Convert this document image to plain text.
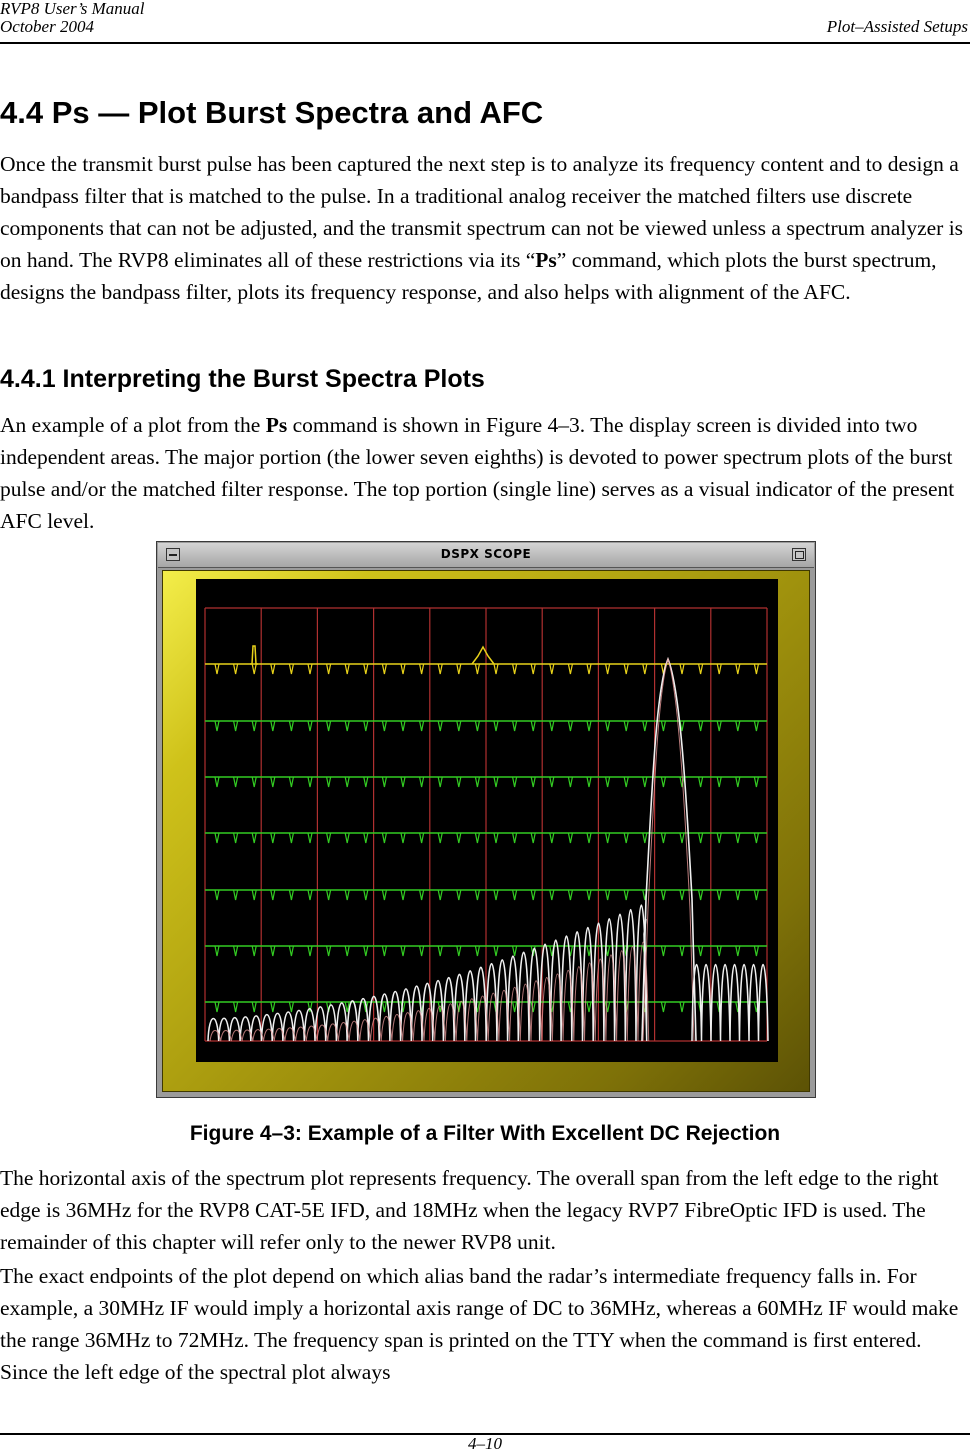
RVP8 User’s Manual
October 2004	Plot–Assisted Setups
4.4 Ps — Plot Burst Spectra and AFC

Once the transmit burst pulse has been captured the next step is to analyze its frequency content and to design a bandpass filter that is matched to the pulse. In a traditional analog receiver the matched filters use discrete components that can not be adjusted, and the transmit spectrum can not be viewed unless a spectrum analyzer is on hand. The RVP8 eliminates all of these restrictions via its “Ps” command, which plots the burst spectrum, designs the bandpass filter, plots its frequency response, and also helps with alignment of the AFC.

4.4.1 Interpreting the Burst Spectra Plots

An example of a plot from the Ps command is shown in Figure 4–3. The display screen is divided into two independent areas. The major portion (the lower seven eighths) is devoted to power spectrum plots of the burst pulse and/or the matched filter response. The top portion (single line) serves as a visual indicator of the present AFC level.

DSPX SCOPE
Figure 4–3: Example of a Filter With Excellent DC Rejection

The horizontal axis of the spectrum plot represents frequency. The overall span from the left edge to the right edge is 36MHz for the RVP8 CAT-5E IFD, and 18MHz when the legacy RVP7 FibreOptic IFD is used. The remainder of this chapter will refer only to the newer RVP8 unit.

The exact endpoints of the plot depend on which alias band the radar’s intermediate frequency falls in. For example, a 30MHz IF would imply a horizontal axis range of DC to 36MHz, whereas a 60MHz IF would make the range 36MHz to 72MHz. The frequency span is printed on the TTY when the command is first entered. Since the left edge of the spectral plot always

4–10
